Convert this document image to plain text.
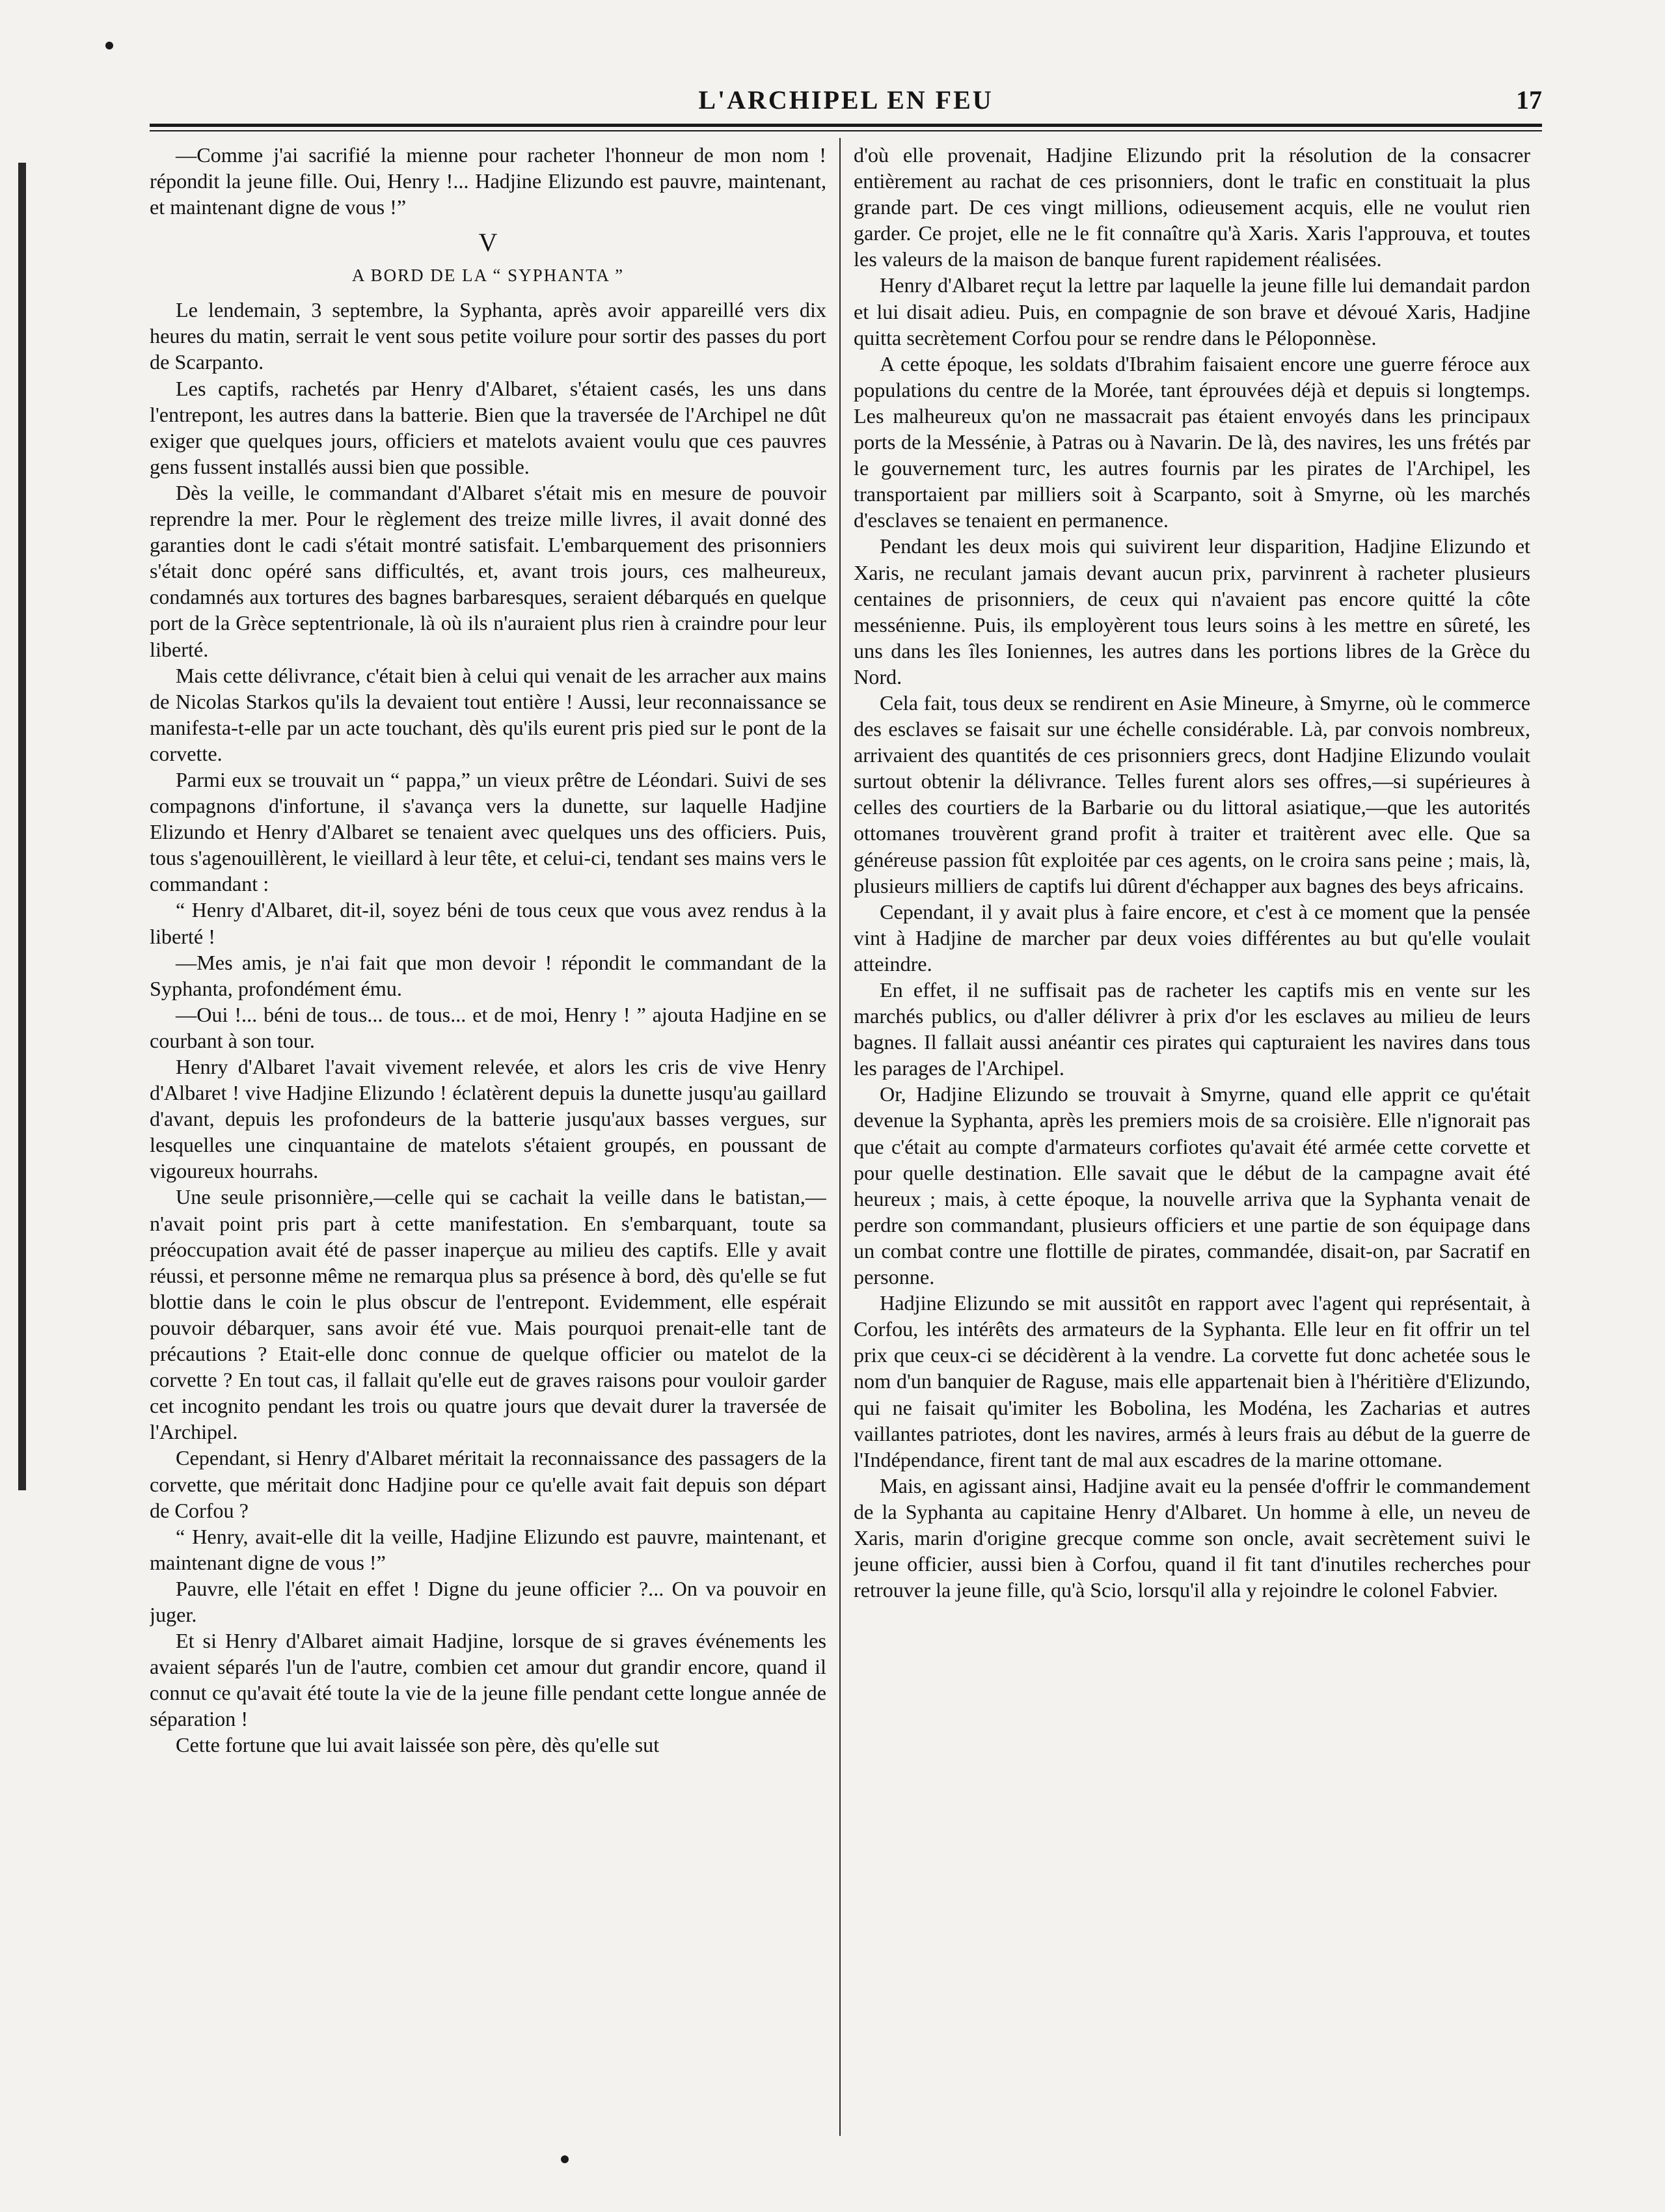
L'ARCHIPEL EN FEU	17

—Comme j'ai sacrifié la mienne pour racheter l'honneur de mon nom ! répondit la jeune fille. Oui, Henry !... Hadjine Elizundo est pauvre, maintenant, et maintenant digne de vous !”

V
A BORD DE LA “ SYPHANTA ”

Le lendemain, 3 septembre, la Syphanta, après avoir appareillé vers dix heures du matin, serrait le vent sous petite voilure pour sortir des passes du port de Scarpanto.

Les captifs, rachetés par Henry d'Albaret, s'étaient casés, les uns dans l'entrepont, les autres dans la batterie. Bien que la traversée de l'Archipel ne dût exiger que quelques jours, officiers et matelots avaient voulu que ces pauvres gens fussent installés aussi bien que possible.

Dès la veille, le commandant d'Albaret s'était mis en mesure de pouvoir reprendre la mer. Pour le règlement des treize mille livres, il avait donné des garanties dont le cadi s'était montré satisfait. L'embarquement des prisonniers s'était donc opéré sans difficultés, et, avant trois jours, ces malheureux, condamnés aux tortures des bagnes barbaresques, seraient débarqués en quelque port de la Grèce septentrionale, là où ils n'auraient plus rien à craindre pour leur liberté.

Mais cette délivrance, c'était bien à celui qui venait de les arracher aux mains de Nicolas Starkos qu'ils la devaient tout entière ! Aussi, leur reconnaissance se manifesta-t-elle par un acte touchant, dès qu'ils eurent pris pied sur le pont de la corvette.

Parmi eux se trouvait un “ pappa,” un vieux prêtre de Léondari. Suivi de ses compagnons d'infortune, il s'avança vers la dunette, sur laquelle Hadjine Elizundo et Henry d'Albaret se tenaient avec quelques uns des officiers. Puis, tous s'agenouillèrent, le vieillard à leur tête, et celui-ci, tendant ses mains vers le commandant :

“ Henry d'Albaret, dit-il, soyez béni de tous ceux que vous avez rendus à la liberté !

—Mes amis, je n'ai fait que mon devoir ! répondit le commandant de la Syphanta, profondément ému.

—Oui !... béni de tous... de tous... et de moi, Henry ! ” ajouta Hadjine en se courbant à son tour.

Henry d'Albaret l'avait vivement relevée, et alors les cris de vive Henry d'Albaret ! vive Hadjine Elizundo ! éclatèrent depuis la dunette jusqu'au gaillard d'avant, depuis les profondeurs de la batterie jusqu'aux basses vergues, sur lesquelles une cinquantaine de matelots s'étaient groupés, en poussant de vigoureux hourrahs.

Une seule prisonnière,—celle qui se cachait la veille dans le batistan,—n'avait point pris part à cette manifestation. En s'embarquant, toute sa préoccupation avait été de passer inaperçue au milieu des captifs. Elle y avait réussi, et personne même ne remarqua plus sa présence à bord, dès qu'elle se fut blottie dans le coin le plus obscur de l'entrepont. Evidemment, elle espérait pouvoir débarquer, sans avoir été vue. Mais pourquoi prenait-elle tant de précautions ? Etait-elle donc connue de quelque officier ou matelot de la corvette ? En tout cas, il fallait qu'elle eut de graves raisons pour vouloir garder cet incognito pendant les trois ou quatre jours que devait durer la traversée de l'Archipel.

Cependant, si Henry d'Albaret méritait la reconnaissance des passagers de la corvette, que méritait donc Hadjine pour ce qu'elle avait fait depuis son départ de Corfou ?

“ Henry, avait-elle dit la veille, Hadjine Elizundo est pauvre, maintenant, et maintenant digne de vous !”

Pauvre, elle l'était en effet ! Digne du jeune officier ?... On va pouvoir en juger.

Et si Henry d'Albaret aimait Hadjine, lorsque de si graves événements les avaient séparés l'un de l'autre, combien cet amour dut grandir encore, quand il connut ce qu'avait été toute la vie de la jeune fille pendant cette longue année de séparation !

Cette fortune que lui avait laissée son père, dès qu'elle sut

d'où elle provenait, Hadjine Elizundo prit la résolution de la consacrer entièrement au rachat de ces prisonniers, dont le trafic en constituait la plus grande part. De ces vingt millions, odieusement acquis, elle ne voulut rien garder. Ce projet, elle ne le fit connaître qu'à Xaris. Xaris l'approuva, et toutes les valeurs de la maison de banque furent rapidement réalisées.

Henry d'Albaret reçut la lettre par laquelle la jeune fille lui demandait pardon et lui disait adieu. Puis, en compagnie de son brave et dévoué Xaris, Hadjine quitta secrètement Corfou pour se rendre dans le Péloponnèse.

A cette époque, les soldats d'Ibrahim faisaient encore une guerre féroce aux populations du centre de la Morée, tant éprouvées déjà et depuis si longtemps. Les malheureux qu'on ne massacrait pas étaient envoyés dans les principaux ports de la Messénie, à Patras ou à Navarin. De là, des navires, les uns frétés par le gouvernement turc, les autres fournis par les pirates de l'Archipel, les transportaient par milliers soit à Scarpanto, soit à Smyrne, où les marchés d'esclaves se tenaient en permanence.

Pendant les deux mois qui suivirent leur disparition, Hadjine Elizundo et Xaris, ne reculant jamais devant aucun prix, parvinrent à racheter plusieurs centaines de prisonniers, de ceux qui n'avaient pas encore quitté la côte messénienne. Puis, ils employèrent tous leurs soins à les mettre en sûreté, les uns dans les îles Ioniennes, les autres dans les portions libres de la Grèce du Nord.

Cela fait, tous deux se rendirent en Asie Mineure, à Smyrne, où le commerce des esclaves se faisait sur une échelle considérable. Là, par convois nombreux, arrivaient des quantités de ces prisonniers grecs, dont Hadjine Elizundo voulait surtout obtenir la délivrance. Telles furent alors ses offres,—si supérieures à celles des courtiers de la Barbarie ou du littoral asiatique,—que les autorités ottomanes trouvèrent grand profit à traiter et traitèrent avec elle. Que sa généreuse passion fût exploitée par ces agents, on le croira sans peine ; mais, là, plusieurs milliers de captifs lui dûrent d'échapper aux bagnes des beys africains.

Cependant, il y avait plus à faire encore, et c'est à ce moment que la pensée vint à Hadjine de marcher par deux voies différentes au but qu'elle voulait atteindre.

En effet, il ne suffisait pas de racheter les captifs mis en vente sur les marchés publics, ou d'aller délivrer à prix d'or les esclaves au milieu de leurs bagnes. Il fallait aussi anéantir ces pirates qui capturaient les navires dans tous les parages de l'Archipel.

Or, Hadjine Elizundo se trouvait à Smyrne, quand elle apprit ce qu'était devenue la Syphanta, après les premiers mois de sa croisière. Elle n'ignorait pas que c'était au compte d'armateurs corfiotes qu'avait été armée cette corvette et pour quelle destination. Elle savait que le début de la campagne avait été heureux ; mais, à cette époque, la nouvelle arriva que la Syphanta venait de perdre son commandant, plusieurs officiers et une partie de son équipage dans un combat contre une flottille de pirates, commandée, disait-on, par Sacratif en personne.

Hadjine Elizundo se mit aussitôt en rapport avec l'agent qui représentait, à Corfou, les intérêts des armateurs de la Syphanta. Elle leur en fit offrir un tel prix que ceux-ci se décidèrent à la vendre. La corvette fut donc achetée sous le nom d'un banquier de Raguse, mais elle appartenait bien à l'héritière d'Elizundo, qui ne faisait qu'imiter les Bobolina, les Modéna, les Zacharias et autres vaillantes patriotes, dont les navires, armés à leurs frais au début de la guerre de l'Indépendance, firent tant de mal aux escadres de la marine ottomane.

Mais, en agissant ainsi, Hadjine avait eu la pensée d'offrir le commandement de la Syphanta au capitaine Henry d'Albaret. Un homme à elle, un neveu de Xaris, marin d'origine grecque comme son oncle, avait secrètement suivi le jeune officier, aussi bien à Corfou, quand il fit tant d'inutiles recherches pour retrouver la jeune fille, qu'à Scio, lorsqu'il alla y rejoindre le colonel Fabvier.
